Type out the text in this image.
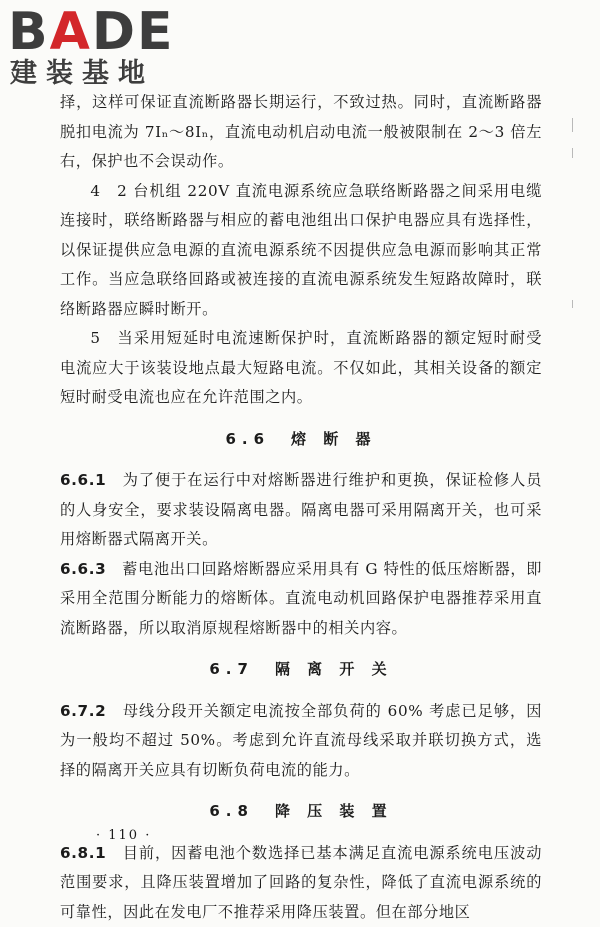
BADE
建装基地

择，这样可保证直流断路器长期运行，不致过热。同时，直流断路器脱扣电流为 7Iₙ～8Iₙ，直流电动机启动电流一般被限制在 2～3 倍左右，保护也不会误动作。

4　2 台机组 220V 直流电源系统应急联络断路器之间采用电缆连接时，联络断路器与相应的蓄电池组出口保护电器应具有选择性，以保证提供应急电源的直流电源系统不因提供应急电源而影响其正常工作。当应急联络回路或被连接的直流电源系统发生短路故障时，联络断路器应瞬时断开。

5　当采用短延时电流速断保护时，直流断路器的额定短时耐受电流应大于该装设地点最大短路电流。不仅如此，其相关设备的额定短时耐受电流也应在允许范围之内。

6.6　熔 断 器

6.6.1　 为了便于在运行中对熔断器进行维护和更换，保证检修人员的人身安全，要求装设隔离电器。隔离电器可采用隔离开关，也可采用熔断器式隔离开关。

6.6.3　 蓄电池出口回路熔断器应采用具有 G 特性的低压熔断器，即采用全范围分断能力的熔断体。直流电动机回路保护电器推荐采用直流断路器，所以取消原规程熔断器中的相关内容。

6.7　隔 离 开 关

6.7.2　 母线分段开关额定电流按全部负荷的 60% 考虑已足够，因为一般均不超过 50%。考虑到允许直流母线采取并联切换方式，选择的隔离开关应具有切断负荷电流的能力。

6.8　降 压 装 置

6.8.1　 目前，因蓄电池个数选择已基本满足直流电源系统电压波动范围要求，且降压装置增加了回路的复杂性，降低了直流电源系统的可靠性，因此在发电厂不推荐采用降压装置。但在部分地区

· 110 ·
